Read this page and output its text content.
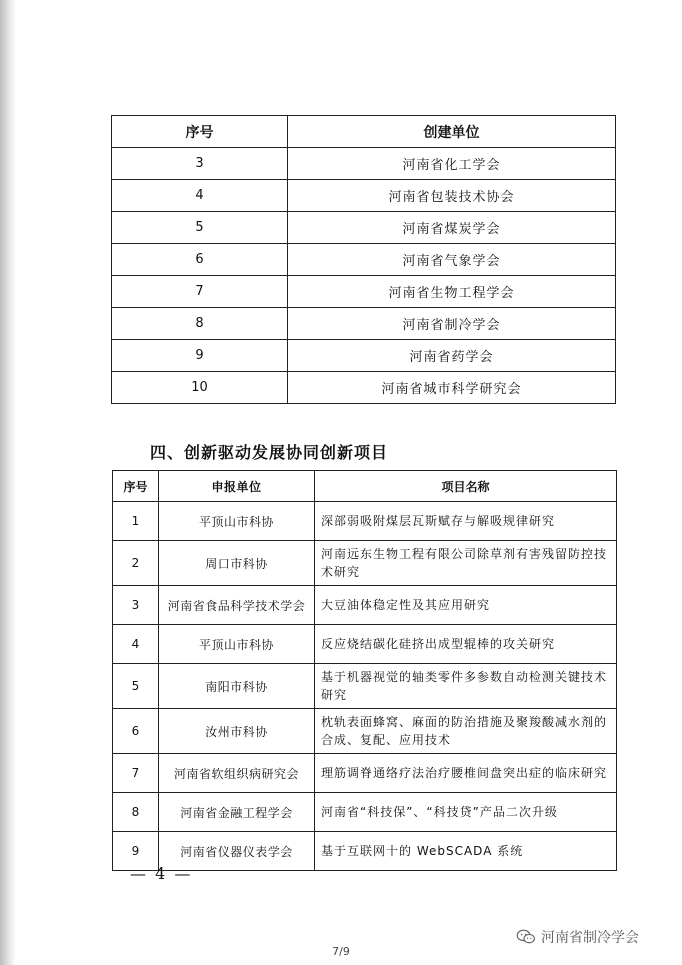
序号	创建单位
3	河南省化工学会
4	河南省包装技术协会
5	河南省煤炭学会
6	河南省气象学会
7	河南省生物工程学会
8	河南省制冷学会
9	河南省药学会
10	河南省城市科学研究会
四、创新驱动发展协同创新项目
序号	申报单位	项目名称
1	平顶山市科协	深部弱吸附煤层瓦斯赋存与解吸规律研究
2	周口市科协	河南远东生物工程有限公司除草剂有害残留防控技术研究
3	河南省食品科学技术学会	大豆油体稳定性及其应用研究
4	平顶山市科协	反应烧结碳化硅挤出成型辊棒的攻关研究
5	南阳市科协	基于机器视觉的轴类零件多参数自动检测关键技术研究
6	汝州市科协	枕轨表面蜂窝、麻面的防治措施及聚羧酸减水剂的合成、复配、应用技术
7	河南省软组织病研究会	理筋调脊通络疗法治疗腰椎间盘突出症的临床研究
8	河南省金融工程学会	河南省“科技保”、“科技贷”产品二次升级
9	河南省仪器仪表学会	基于互联网十的 WebSCADA 系统
— 4 —
7/9
河南省制冷学会
